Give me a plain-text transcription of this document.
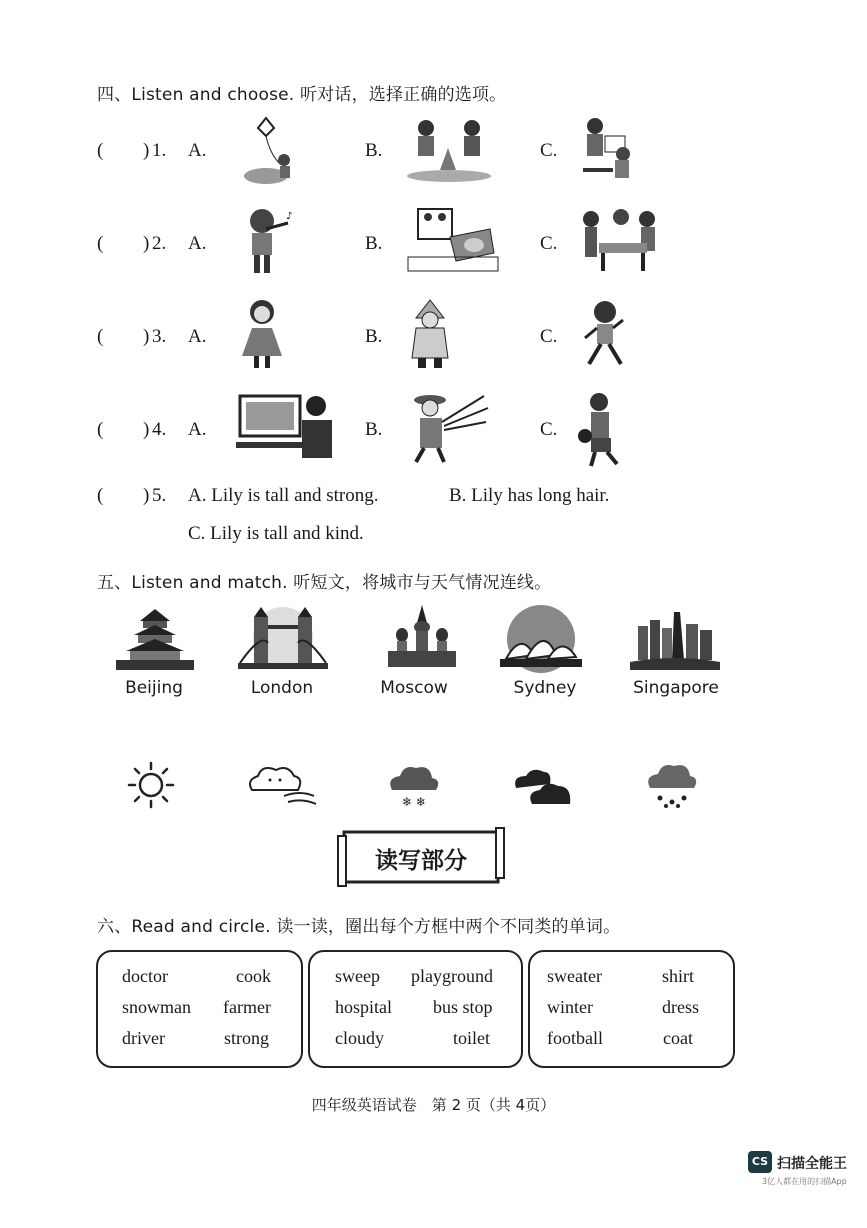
四、Listen and choose. 听对话，选择正确的选项。
( ) 1. A.	B.	C.
( ) 2. A.	B.	C.
♪
( ) 3. A.	B.	C.
( ) 4. A.	B.	C.
( ) 5. A. Lily is tall and strong.	B. Lily has long hair.
C. Lily is tall and kind.
五、Listen and match. 听短文，将城市与天气情况连线。
Beijing	London	Moscow	Sydney	Singapore
❄ ❄
读写部分
六、Read and circle. 读一读，圈出每个方框中两个不同类的单词。
doctor	cook
snowman farmer
driver	strong
sweep playground
hospital bus stop
cloudy	toilet
sweater	shirt
winter	dress
football	coat
四年级英语试卷　第 2 页（共 4页）
CS 扫描全能王
3亿人都在用的扫描App
